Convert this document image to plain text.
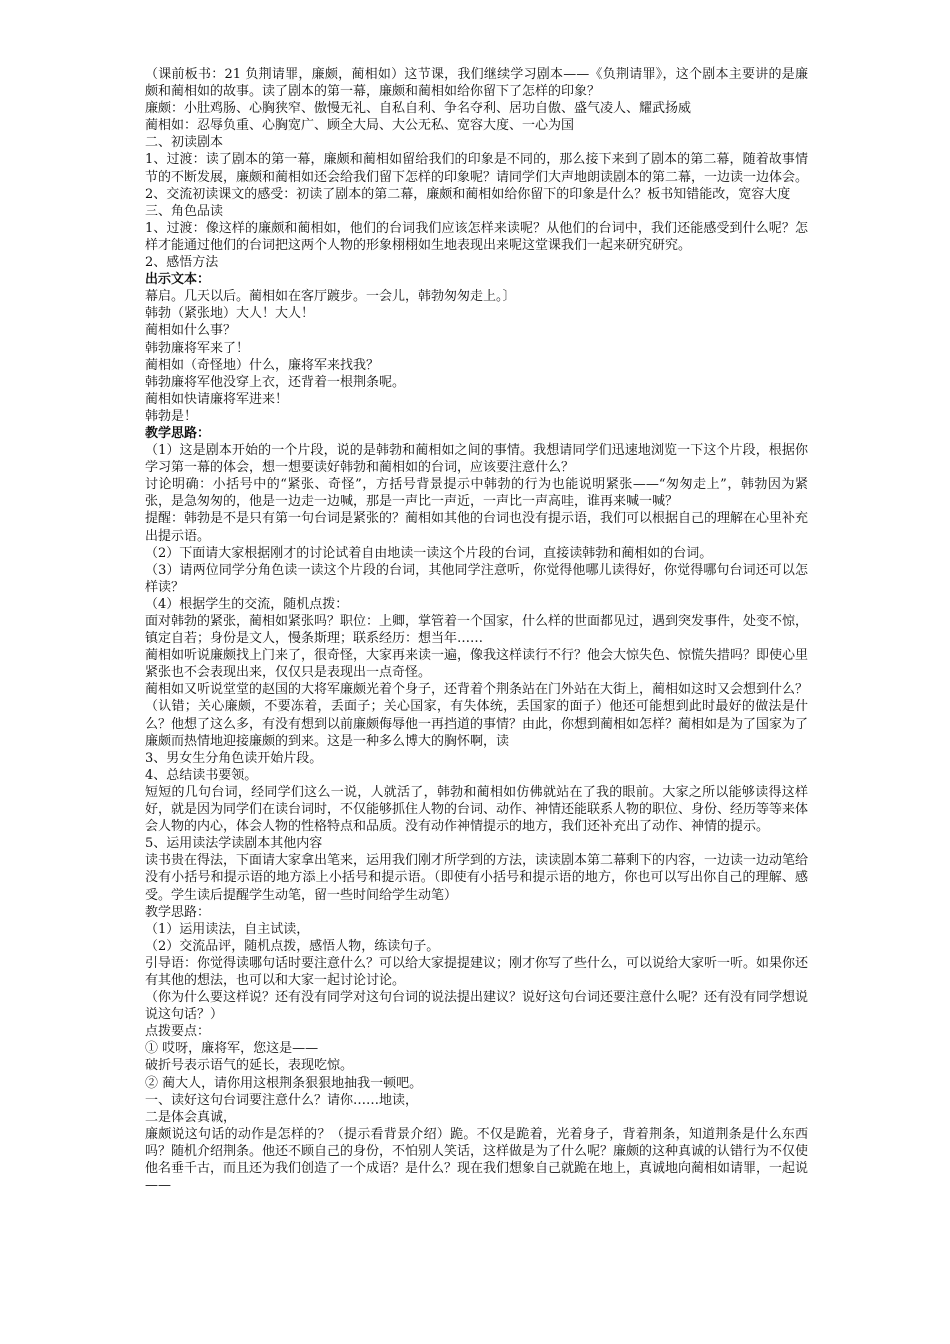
（课前板书：21 负荆请罪，廉颇，蔺相如）这节课，我们继续学习剧本——《负荆请罪》，这个剧本主要讲的是廉颇和蔺相如的故事。读了剧本的第一幕，廉颇和蔺相如给你留下了怎样的印象？

廉颇：小肚鸡肠、心胸狭窄、傲慢无礼、自私自利、争名夺利、居功自傲、盛气凌人、耀武扬威

蔺相如：忍辱负重、心胸宽广、顾全大局、大公无私、宽容大度、一心为国

二、初读剧本

1、过渡：读了剧本的第一幕，廉颇和蔺相如留给我们的印象是不同的，那么接下来到了剧本的第二幕，随着故事情节的不断发展，廉颇和蔺相如还会给我们留下怎样的印象呢？请同学们大声地朗读剧本的第二幕，一边读一边体会。

2、交流初读课文的感受：初读了剧本的第二幕，廉颇和蔺相如给你留下的印象是什么？板书知错能改，宽容大度

三、角色品读

1、过渡：像这样的廉颇和蔺相如，他们的台词我们应该怎样来读呢？从他们的台词中，我们还能感受到什么呢？怎样才能通过他们的台词把这两个人物的形象栩栩如生地表现出来呢这堂课我们一起来研究研究。

2、感悟方法

出示文本：

幕启。几天以后。蔺相如在客厅踱步。一会儿，韩勃匆匆走上。〕

韩勃（紧张地）大人！大人！

蔺相如什么事？

韩勃廉将军来了！

蔺相如（奇怪地）什么，廉将军来找我？

韩勃廉将军他没穿上衣，还背着一根荆条呢。

蔺相如快请廉将军进来！

韩勃是！

教学思路：

（1）这是剧本开始的一个片段，说的是韩勃和蔺相如之间的事情。我想请同学们迅速地浏览一下这个片段，根据你学习第一幕的体会，想一想要读好韩勃和蔺相如的台词，应该要注意什么？

讨论明确：小括号中的“紧张、奇怪”，方括号背景提示中韩勃的行为也能说明紧张——“匆匆走上”，韩勃因为紧张，是急匆匆的，他是一边走一边喊，那是一声比一声近，一声比一声高哇，谁再来喊一喊？

提醒：韩勃是不是只有第一句台词是紧张的？蔺相如其他的台词也没有提示语，我们可以根据自己的理解在心里补充出提示语。

（2）下面请大家根据刚才的讨论试着自由地读一读这个片段的台词，直接读韩勃和蔺相如的台词。

（3）请两位同学分角色读一读这个片段的台词，其他同学注意听，你觉得他哪儿读得好，你觉得哪句台词还可以怎样读？

（4）根据学生的交流，随机点拨：

面对韩勃的紧张，蔺相如紧张吗？职位：上卿，掌管着一个国家，什么样的世面都见过，遇到突发事件，处变不惊，镇定自若；身份是文人，慢条斯理；联系经历：想当年……

蔺相如听说廉颇找上门来了，很奇怪，大家再来读一遍，像我这样读行不行？他会大惊失色、惊慌失措吗？即使心里紧张也不会表现出来，仅仅只是表现出一点奇怪。

蔺相如又听说堂堂的赵国的大将军廉颇光着个身子，还背着个荆条站在门外站在大街上，蔺相如这时又会想到什么？（认错；关心廉颇，不要冻着，丢面子；关心国家，有失体统，丢国家的面子）他还可能想到此时最好的做法是什么？他想了这么多，有没有想到以前廉颇侮辱他一再挡道的事情？由此，你想到蔺相如怎样？蔺相如是为了国家为了廉颇而热情地迎接廉颇的到来。这是一种多么博大的胸怀啊，读

3、男女生分角色读开始片段。

4、总结读书要领。

短短的几句台词，经同学们这么一说，人就活了，韩勃和蔺相如仿佛就站在了我的眼前。大家之所以能够读得这样好，就是因为同学们在读台词时，不仅能够抓住人物的台词、动作、神情还能联系人物的职位、身份、经历等等来体会人物的内心，体会人物的性格特点和品质。没有动作神情提示的地方，我们还补充出了动作、神情的提示。

5、运用读法学读剧本其他内容

读书贵在得法，下面请大家拿出笔来，运用我们刚才所学到的方法，读读剧本第二幕剩下的内容，一边读一边动笔给没有小括号和提示语的地方添上小括号和提示语。（即使有小括号和提示语的地方，你也可以写出你自己的理解、感受。学生读后提醒学生动笔，留一些时间给学生动笔）

教学思路：

（1）运用读法，自主试读，

（2）交流品评，随机点拨，感悟人物，练读句子。

引导语：你觉得读哪句话时要注意什么？可以给大家提提建议；刚才你写了些什么，可以说给大家听一听。如果你还有其他的想法，也可以和大家一起讨论讨论。

（你为什么要这样说？还有没有同学对这句台词的说法提出建议？说好这句台词还要注意什么呢？还有没有同学想说说这句话？）

点拨要点：

① 哎呀，廉将军，您这是——

破折号表示语气的延长，表现吃惊。

② 蔺大人，请你用这根荆条狠狠地抽我一顿吧。

一、读好这句台词要注意什么？请你……地读，

二是体会真诚，

廉颇说这句话的动作是怎样的？（提示看背景介绍）跪。不仅是跪着，光着身子，背着荆条，知道荆条是什么东西吗？随机介绍荆条。他还不顾自己的身份，不怕别人笑话，这样做是为了什么呢？廉颇的这种真诚的认错行为不仅使他名垂千古，而且还为我们创造了一个成语？是什么？现在我们想象自己就跪在地上，真诚地向蔺相如请罪，一起说——
